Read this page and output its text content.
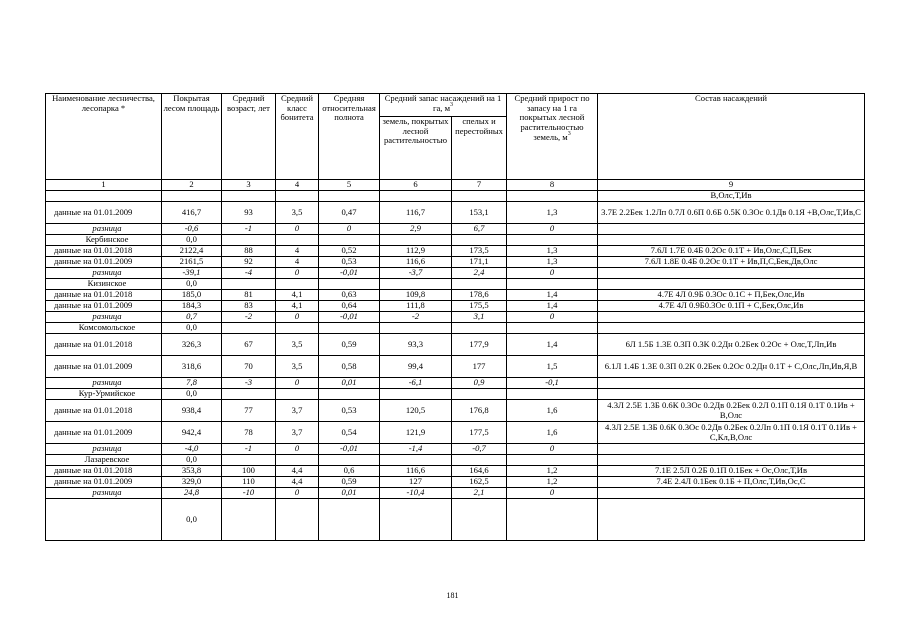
Наименование лесничества, лесопарка *	Покрытая лесом площадь	Средний возраст, лет	Средний класс бонитета	Средняя относительная полнота	Средний запас насаждений на 1 га, $м^3$		Средний прирост по запасу на 1 га покрытых лесной растительностью земель, $м^3$	Состав насаждений
					земель, покрытых лесной растительностью	спелых и перестойных		
1	2	3	4	5	6	7	8	9
								В,Олс,Т,Ив
данные на 01.01.2009	416,7	93	3,5	0,47	116,7	153,1	1,3	3.7Е 2.2Бек 1.2Лп 0.7Л 0.6П 0.6Б 0.5К 0.3Ос 0.1Дв 0.1Я +В,Олс,Т,Ив,С
разница	-0,6	-1	0	0	2,9	6,7	0	
Кербинское	0,0							
данные на 01.01.2018	2122,4	88	4	0,52	112,9	173,5	1,3	7.6Л 1.7Е 0.4Б 0.2Ос 0.1Т + Ив,Олс,С,П,Бек
данные на 01.01.2009	2161,5	92	4	0,53	116,6	171,1	1,3	7.6Л 1.8Е 0.4Б 0.2Ос 0.1Т + Ив,П,С,Бек,Дв,Олс
разница	-39,1	-4	0	-0,01	-3,7	2,4	0	
Кизинское	0,0							
данные на 01.01.2018	185,0	81	4,1	0,63	109,8	178,6	1,4	4.7Е 4Л 0.9Б 0.3Ос 0.1С + П,Бек,Олс,Ив
данные на 01.01.2009	184,3	83	4,1	0,64	111,8	175,5	1,4	4.7Е 4Л 0.9Б0.3Ос 0.1П + С,Бек,Олс,Ив
разница	0,7	-2	0	-0,01	-2	3,1	0	
Комсомольское	0,0							
данные на 01.01.2018	326,3	67	3,5	0,59	93,3	177,9	1,4	6Л 1.5Б 1.3Е 0.3П 0.3К 0.2Дн 0.2Бек 0.2Ос + Олс,Т,Лп,Ив
данные на 01.01.2009	318,6	70	3,5	0,58	99,4	177	1,5	6.1Л 1.4Б 1.3Е 0.3П 0.2К 0.2Бек 0.2Ос 0.2Дн 0.1Т + С,Олс,Лп,Ив,Я,В
разница	7,8	-3	0	0,01	-6,1	0,9	-0,1	
Кур-Урмийское	0,0							
данные на 01.01.2018	938,4	77	3,7	0,53	120,5	176,8	1,6	4.3Л 2.5Е 1.3Б 0.6К 0.3Ос 0.2Дв 0.2Бек 0.2Л 0.1П 0.1Я 0.1Т 0.1Ив + В,Олс
данные на 01.01.2009	942,4	78	3,7	0,54	121,9	177,5	1,6	4.3Л 2.5Е 1.3Б 0.6К 0.3Ос 0.2Дв 0.2Бек 0.2Лп 0.1П 0.1Я 0.1Т 0.1Ив + С,Кл,В,Олс
разница	-4,0	-1	0	-0,01	-1,4	-0,7	0	
Лазаревское	0,0							
данные на 01.01.2018	353,8	100	4,4	0,6	116,6	164,6	1,2	7.1Е 2.5Л 0.2Б 0.1П 0.1Бек + Ос,Олс,Т,Ив
данные на 01.01.2009	329,0	110	4,4	0,59	127	162,5	1,2	7.4Е 2.4Л 0.1Бек 0.1Б + П,Олс,Т,Ив,Ос,С
разница	24,8	-10	0	0,01	-10,4	2,1	0	
	0,0							
181
